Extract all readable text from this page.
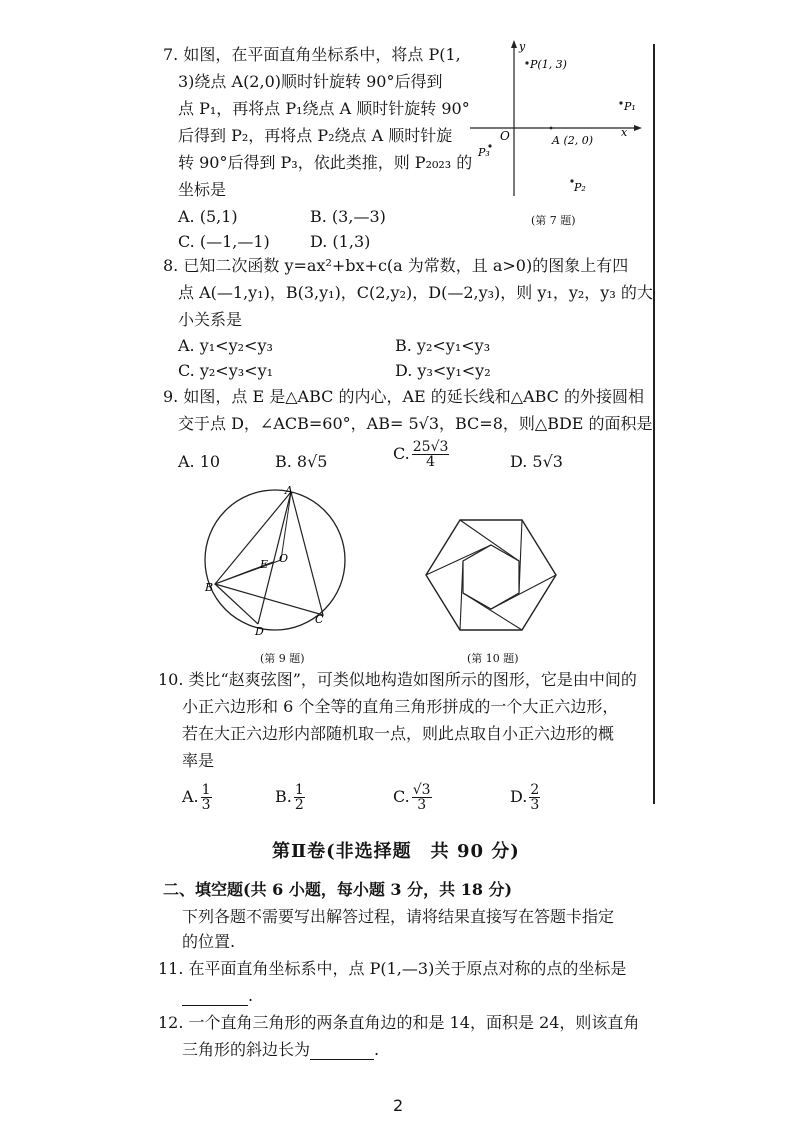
7. 如图，在平面直角坐标系中，将点 P(1,
3)绕点 A(2,0)顺时针旋转 90°后得到
点 P₁，再将点 P₁绕点 A 顺时针旋转 90°
后得到 P₂，再将点 P₂绕点 A 顺时针旋
转 90°后得到 P₃，依此类推，则 P₂₀₂₃ 的
坐标是
A. (5,1)	B. (3,—3)
C. (—1,—1)	D. (1,3)
y
x
O
P(1, 3)
A (2, 0)
P₁
P₃
P₂
(第 7 题)
8. 已知二次函数 y=ax²+bx+c(a 为常数，且 a>0)的图象上有四
点 A(—1,y₁)，B(3,y₁)，C(2,y₂)，D(—2,y₃)，则 y₁，y₂，y₃ 的大
小关系是
A. y₁<y₂<y₃	B. y₂<y₁<y₃
C. y₂<y₃<y₁	D. y₃<y₁<y₂
9. 如图，点 E 是△ABC 的内心，AE 的延长线和△ABC 的外接圆相
交于点 D，∠ACB=60°，AB= 5√3，BC=8，则△BDE 的面积是
A. 10	B. 8√5	C. $\frac{25√3}{4}$	D. 5√3
A
B
C
D
E O
(第 9 题)	(第 10 题)
10. 类比“赵爽弦图”，可类似地构造如图所示的图形，它是由中间的
小正六边形和 6 个全等的直角三角形拼成的一个大正六边形，
若在大正六边形内部随机取一点，则此点取自小正六边形的概
率是
A. $\frac{1}{3}$	B. $\frac{1}{2}$	C. $\frac{√3}{3}$	D. $\frac{2}{3}$
第Ⅱ卷(非选择题　共 90 分)
二、填空题(共 6 小题，每小题 3 分，共 18 分)
下列各题不需要写出解答过程，请将结果直接写在答题卡指定
的位置.
11. 在平面直角坐标系中，点 P(1,—3)关于原点对称的点的坐标是
.
12. 一个直角三角形的两条直角边的和是 14，面积是 24，则该直角
三角形的斜边长为	.
2
